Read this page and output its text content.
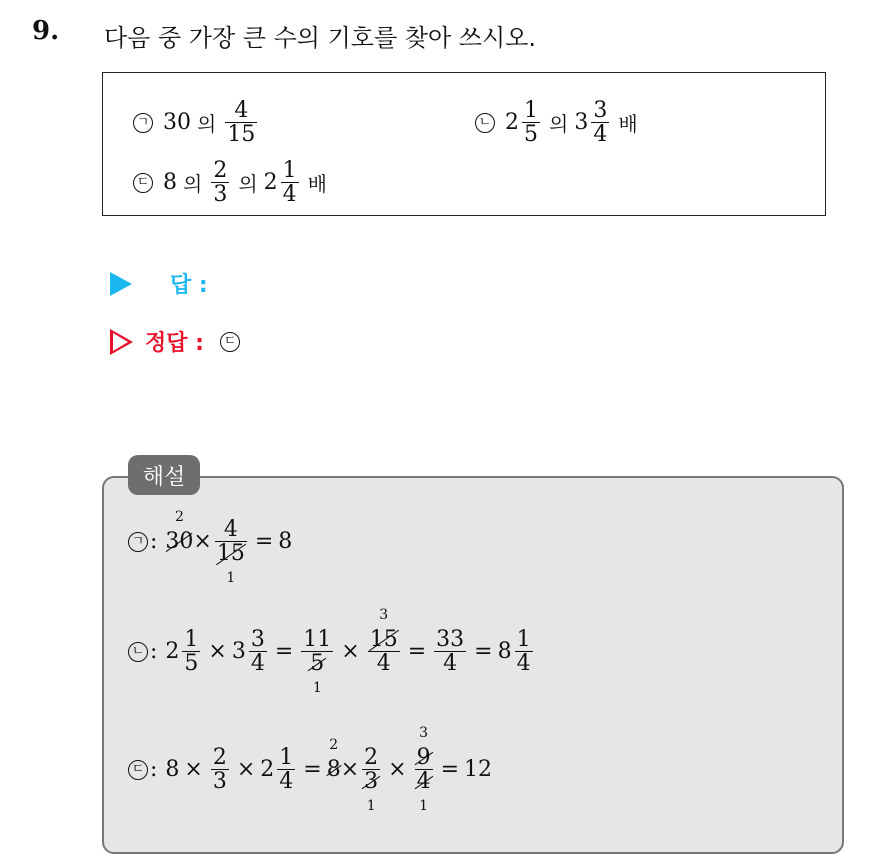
9. 다음 중 가장 큰 수의 기호를 찾아 쓰시오.
ㄱ 30 의 $\frac{4}{15}$	ㄴ $2 \frac{1}{5}$ 의 $3 \frac{3}{4}$ 배
ㄷ 8 의 $\frac{2}{3}$ 의 $2 \frac{1}{4}$ 배
답 :
정답 : ㄷ
ㄱ : 30
2
× 4
15
1 = 8
ㄴ : $2 \frac{1}{5} \times 3 \frac{3}{4} = 11$
5
1 × 15
3
$4 = \frac{33}{4} = 8 \frac{1}{4}$
ㄷ : $8 \times \frac{2}{3} \times 2 \frac{1}{4} = 8$
2
× 2
3
1 × 9
3
4
1 = 12
해설
